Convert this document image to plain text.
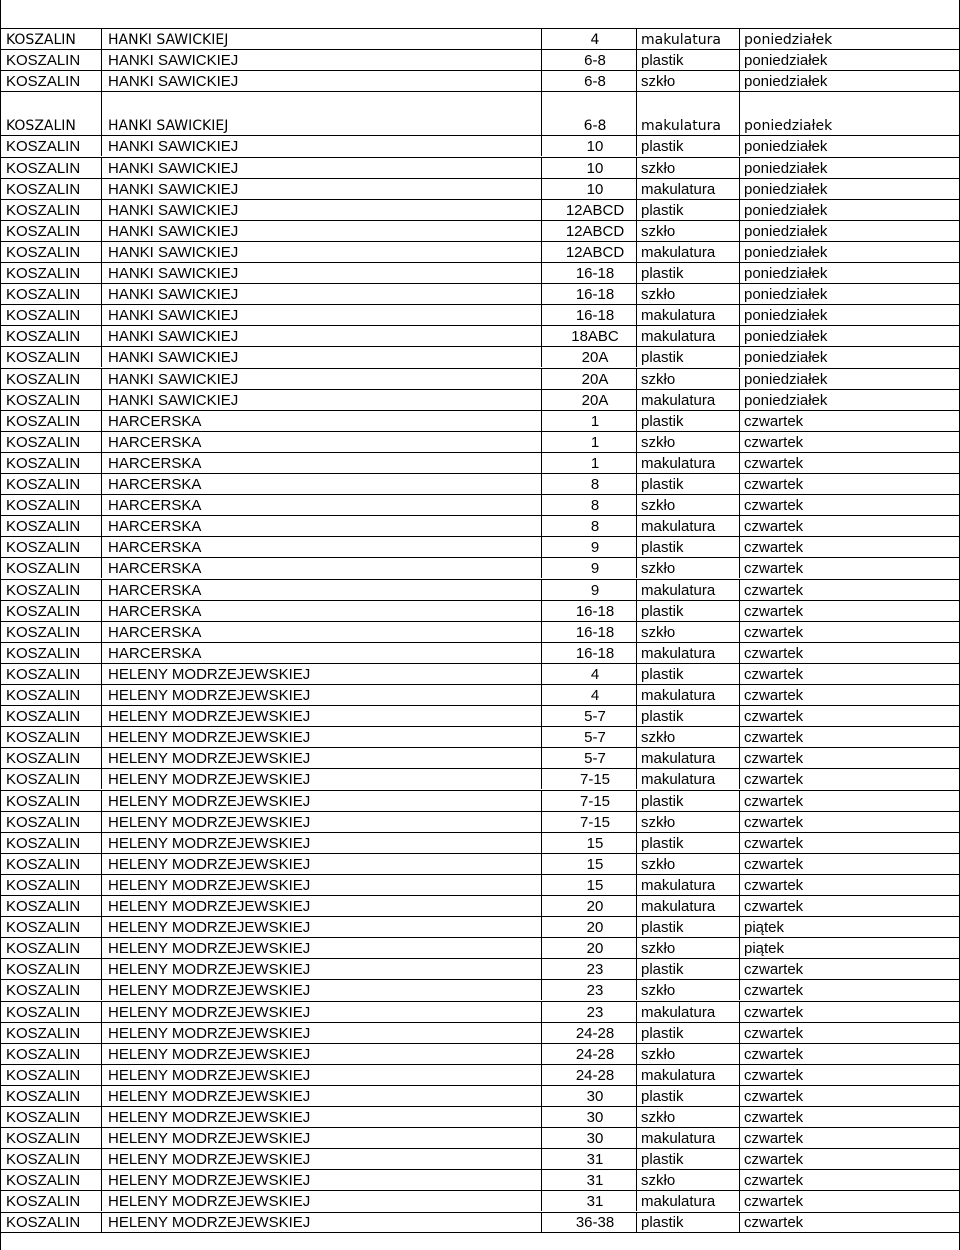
KOSZALIN	HANKI SAWICKIEJ	4	makulatura	poniedziałek
KOSZALIN	HANKI SAWICKIEJ	6-8	plastik	poniedziałek
KOSZALIN	HANKI SAWICKIEJ	6-8	szkło	poniedziałek
KOSZALIN	HANKI SAWICKIEJ	6-8	makulatura	poniedziałek
KOSZALIN	HANKI SAWICKIEJ	10	plastik	poniedziałek
KOSZALIN	HANKI SAWICKIEJ	10	szkło	poniedziałek
KOSZALIN	HANKI SAWICKIEJ	10	makulatura	poniedziałek
KOSZALIN	HANKI SAWICKIEJ	12ABCD	plastik	poniedziałek
KOSZALIN	HANKI SAWICKIEJ	12ABCD	szkło	poniedziałek
KOSZALIN	HANKI SAWICKIEJ	12ABCD	makulatura	poniedziałek
KOSZALIN	HANKI SAWICKIEJ	16-18	plastik	poniedziałek
KOSZALIN	HANKI SAWICKIEJ	16-18	szkło	poniedziałek
KOSZALIN	HANKI SAWICKIEJ	16-18	makulatura	poniedziałek
KOSZALIN	HANKI SAWICKIEJ	18ABC	makulatura	poniedziałek
KOSZALIN	HANKI SAWICKIEJ	20A	plastik	poniedziałek
KOSZALIN	HANKI SAWICKIEJ	20A	szkło	poniedziałek
KOSZALIN	HANKI SAWICKIEJ	20A	makulatura	poniedziałek
KOSZALIN	HARCERSKA	1	plastik	czwartek
KOSZALIN	HARCERSKA	1	szkło	czwartek
KOSZALIN	HARCERSKA	1	makulatura	czwartek
KOSZALIN	HARCERSKA	8	plastik	czwartek
KOSZALIN	HARCERSKA	8	szkło	czwartek
KOSZALIN	HARCERSKA	8	makulatura	czwartek
KOSZALIN	HARCERSKA	9	plastik	czwartek
KOSZALIN	HARCERSKA	9	szkło	czwartek
KOSZALIN	HARCERSKA	9	makulatura	czwartek
KOSZALIN	HARCERSKA	16-18	plastik	czwartek
KOSZALIN	HARCERSKA	16-18	szkło	czwartek
KOSZALIN	HARCERSKA	16-18	makulatura	czwartek
KOSZALIN	HELENY MODRZEJEWSKIEJ	4	plastik	czwartek
KOSZALIN	HELENY MODRZEJEWSKIEJ	4	makulatura	czwartek
KOSZALIN	HELENY MODRZEJEWSKIEJ	5-7	plastik	czwartek
KOSZALIN	HELENY MODRZEJEWSKIEJ	5-7	szkło	czwartek
KOSZALIN	HELENY MODRZEJEWSKIEJ	5-7	makulatura	czwartek
KOSZALIN	HELENY MODRZEJEWSKIEJ	7-15	makulatura	czwartek
KOSZALIN	HELENY MODRZEJEWSKIEJ	7-15	plastik	czwartek
KOSZALIN	HELENY MODRZEJEWSKIEJ	7-15	szkło	czwartek
KOSZALIN	HELENY MODRZEJEWSKIEJ	15	plastik	czwartek
KOSZALIN	HELENY MODRZEJEWSKIEJ	15	szkło	czwartek
KOSZALIN	HELENY MODRZEJEWSKIEJ	15	makulatura	czwartek
KOSZALIN	HELENY MODRZEJEWSKIEJ	20	makulatura	czwartek
KOSZALIN	HELENY MODRZEJEWSKIEJ	20	plastik	piątek
KOSZALIN	HELENY MODRZEJEWSKIEJ	20	szkło	piątek
KOSZALIN	HELENY MODRZEJEWSKIEJ	23	plastik	czwartek
KOSZALIN	HELENY MODRZEJEWSKIEJ	23	szkło	czwartek
KOSZALIN	HELENY MODRZEJEWSKIEJ	23	makulatura	czwartek
KOSZALIN	HELENY MODRZEJEWSKIEJ	24-28	plastik	czwartek
KOSZALIN	HELENY MODRZEJEWSKIEJ	24-28	szkło	czwartek
KOSZALIN	HELENY MODRZEJEWSKIEJ	24-28	makulatura	czwartek
KOSZALIN	HELENY MODRZEJEWSKIEJ	30	plastik	czwartek
KOSZALIN	HELENY MODRZEJEWSKIEJ	30	szkło	czwartek
KOSZALIN	HELENY MODRZEJEWSKIEJ	30	makulatura	czwartek
KOSZALIN	HELENY MODRZEJEWSKIEJ	31	plastik	czwartek
KOSZALIN	HELENY MODRZEJEWSKIEJ	31	szkło	czwartek
KOSZALIN	HELENY MODRZEJEWSKIEJ	31	makulatura	czwartek
KOSZALIN	HELENY MODRZEJEWSKIEJ	36-38	plastik	czwartek
